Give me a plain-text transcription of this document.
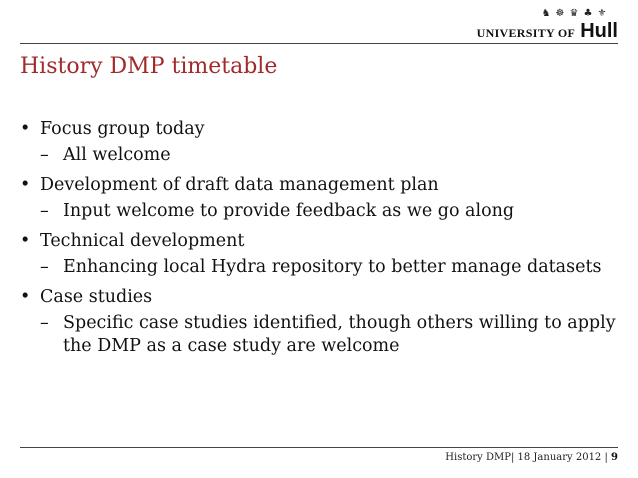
♞ ☸ ♛ ♣ ⚜
UNIVERSITY OF Hull
History DMP timetable
• Focus group today
– All welcome
• Development of draft data management plan
– Input welcome to provide feedback as we go along
• Technical development
– Enhancing local Hydra repository to better manage datasets
• Case studies
– Specific case studies identified, though others willing to apply the DMP as a case study are welcome
History DMP| 18 January 2012 | 9
